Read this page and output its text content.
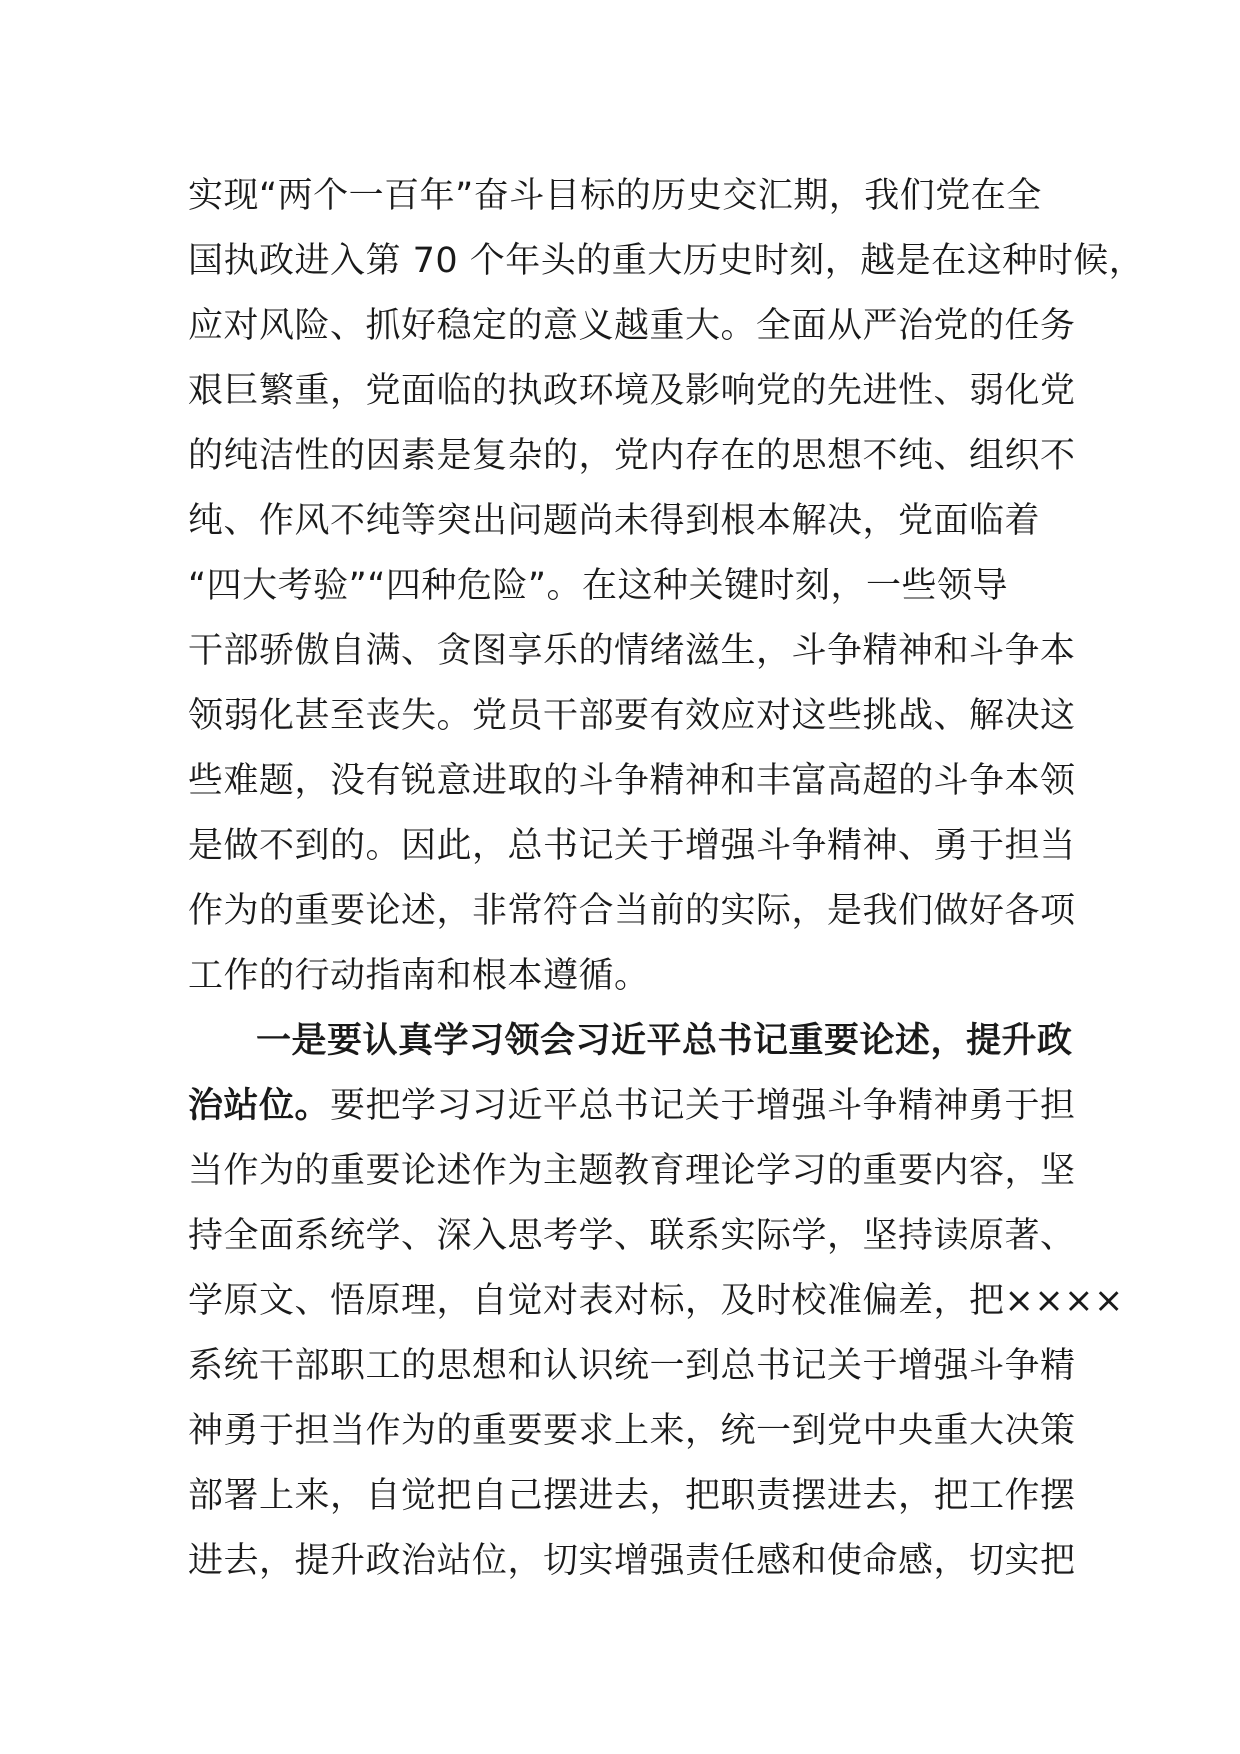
实现“两个一百年”奋斗目标的历史交汇期，我们党在全
国执政进入第 70 个年头的重大历史时刻，越是在这种时候，
应对风险、抓好稳定的意义越重大。全面从严治党的任务
艰巨繁重，党面临的执政环境及影响党的先进性、弱化党
的纯洁性的因素是复杂的，党内存在的思想不纯、组织不
纯、作风不纯等突出问题尚未得到根本解决，党面临着
“四大考验”“四种危险”。在这种关键时刻，一些领导
干部骄傲自满、贪图享乐的情绪滋生，斗争精神和斗争本
领弱化甚至丧失。党员干部要有效应对这些挑战、解决这
些难题，没有锐意进取的斗争精神和丰富高超的斗争本领
是做不到的。因此，总书记关于增强斗争精神、勇于担当
作为的重要论述，非常符合当前的实际，是我们做好各项
工作的行动指南和根本遵循。
一是要认真学习领会习近平总书记重要论述，提升政
治站位。要把学习习近平总书记关于增强斗争精神勇于担
当作为的重要论述作为主题教育理论学习的重要内容，坚
持全面系统学、深入思考学、联系实际学，坚持读原著、
学原文、悟原理，自觉对表对标，及时校准偏差，把××××
系统干部职工的思想和认识统一到总书记关于增强斗争精
神勇于担当作为的重要要求上来，统一到党中央重大决策
部署上来，自觉把自己摆进去，把职责摆进去，把工作摆
进去，提升政治站位，切实增强责任感和使命感，切实把
